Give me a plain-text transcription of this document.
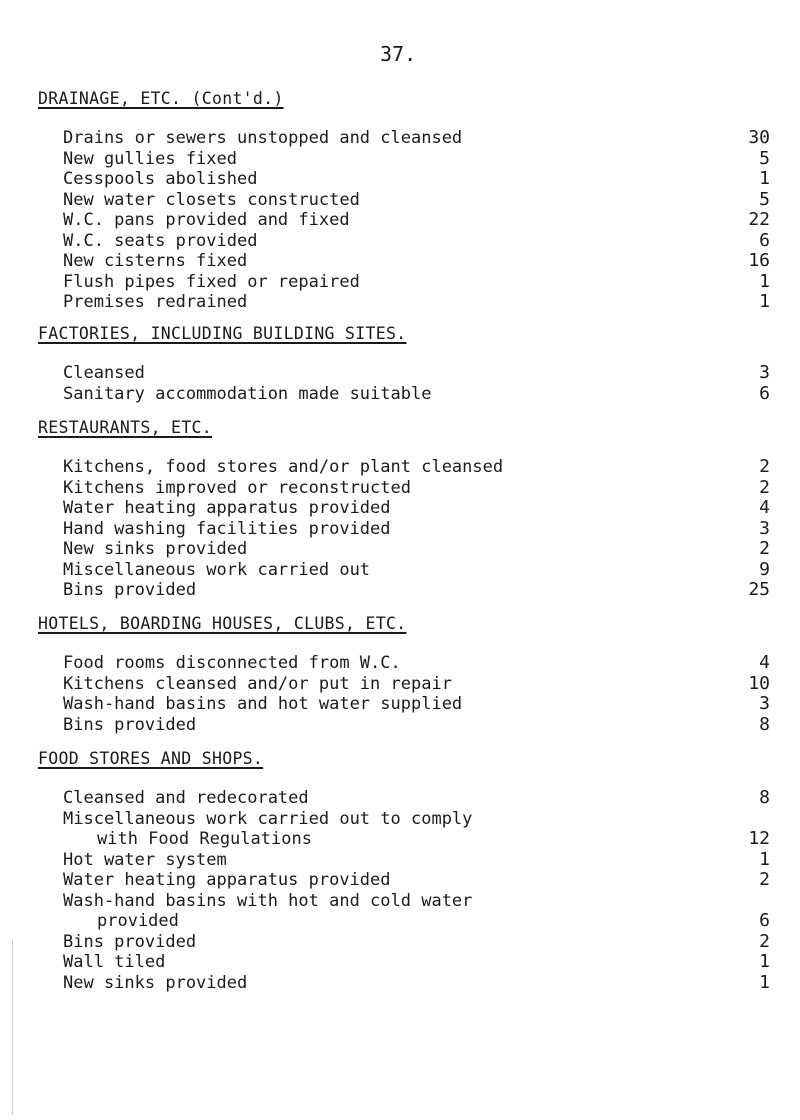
37.
DRAINAGE, ETC. (Cont'd.)
Drains or sewers unstopped and cleansed	30
New gullies fixed	5
Cesspools abolished	1
New water closets constructed	5
W.C. pans provided and fixed	22
W.C. seats provided	6
New cisterns fixed	16
Flush pipes fixed or repaired	1
Premises redrained	1
FACTORIES, INCLUDING BUILDING SITES.
Cleansed	3
Sanitary accommodation made suitable	6
RESTAURANTS, ETC.
Kitchens, food stores and/or plant cleansed	2
Kitchens improved or reconstructed	2
Water heating apparatus provided	4
Hand washing facilities provided	3
New sinks provided	2
Miscellaneous work carried out	9
Bins provided	25
HOTELS, BOARDING HOUSES, CLUBS, ETC.
Food rooms disconnected from W.C.	4
Kitchens cleansed and/or put in repair	10
Wash-hand basins and hot water supplied	3
Bins provided	8
FOOD STORES AND SHOPS.
Cleansed and redecorated	8
Miscellaneous work carried out to comply
with Food Regulations	12
Hot water system	1
Water heating apparatus provided	2
Wash-hand basins with hot and cold water
provided	6
Bins provided	2
Wall tiled	1
New sinks provided	1
